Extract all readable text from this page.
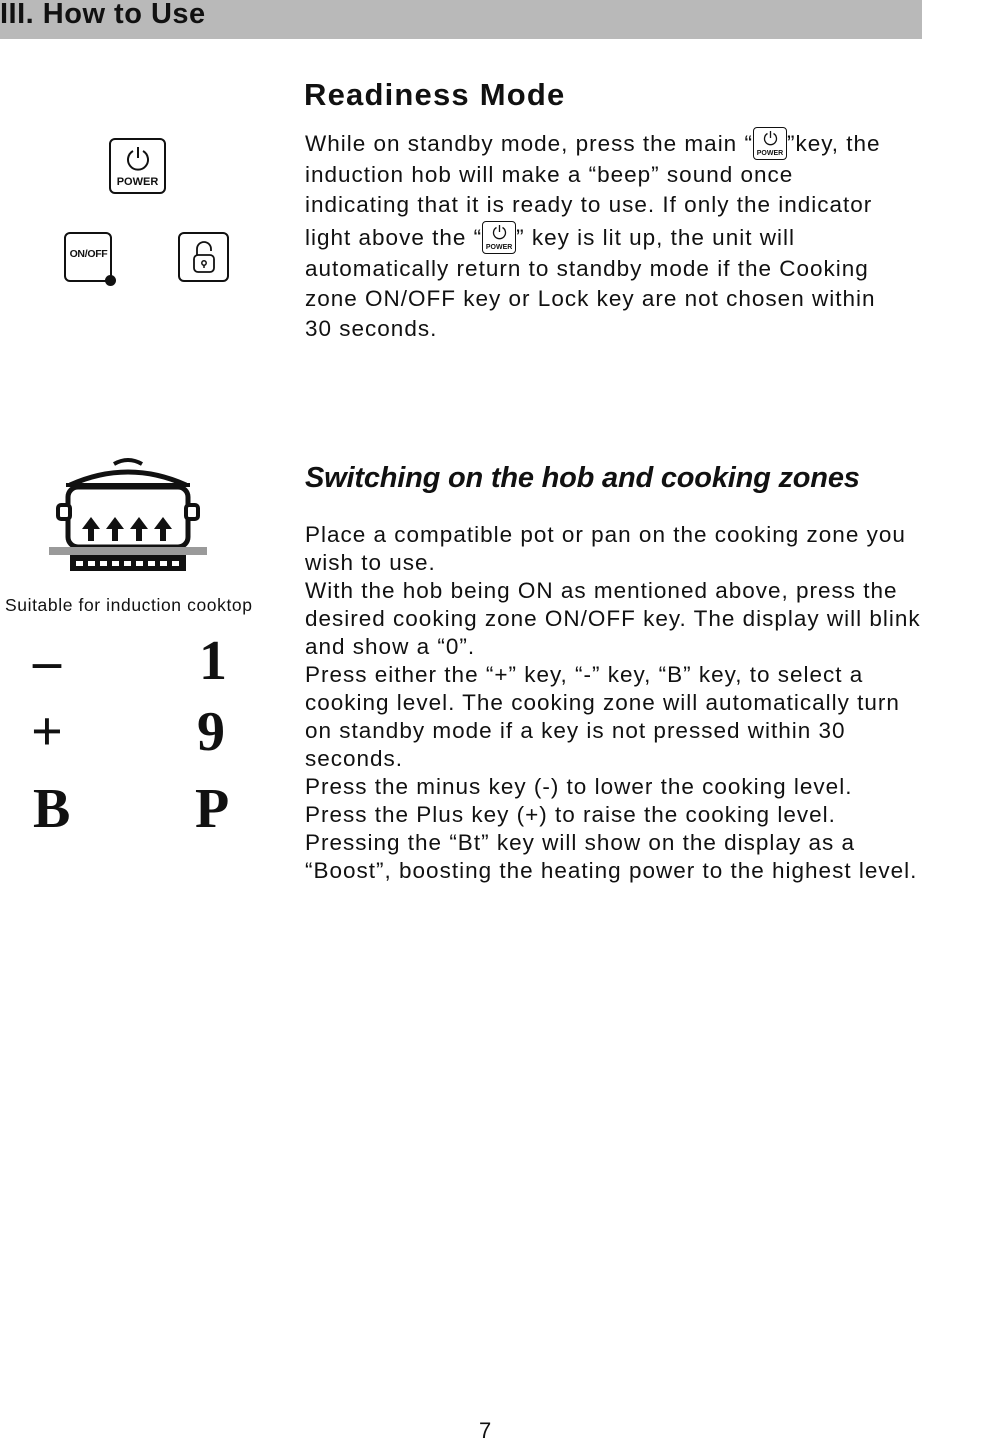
III. How to Use
Readiness Mode
POWER
ON/OFF
While on standby mode, press the main “ POWER ”key, the
induction hob will make a “beep” sound once
indicating that it is ready to use. If only the indicator
light above the “ POWER ” key is lit up, the unit will
automatically return to standby mode if the Cooking
zone ON/OFF key or Lock key are not chosen within
30 seconds.
Switching on the hob and cooking zones
Suitable for induction cooktop
– 1
+ 9
B P
Place a compatible pot or pan on the cooking zone you
wish to use.
With the hob being ON as mentioned above, press the
desired cooking zone ON/OFF key. The display will blink
and show a “0”.
Press either the “+” key, “-” key, “B” key, to select a
cooking level. The cooking zone will automatically turn
on standby mode if a key is not pressed within 30
seconds.
Press the minus key (-) to lower the cooking level.
Press the Plus key (+) to raise the cooking level.
Pressing the “Bt” key will show on the display as a
“Boost”, boosting the heating power to the highest level.
7
